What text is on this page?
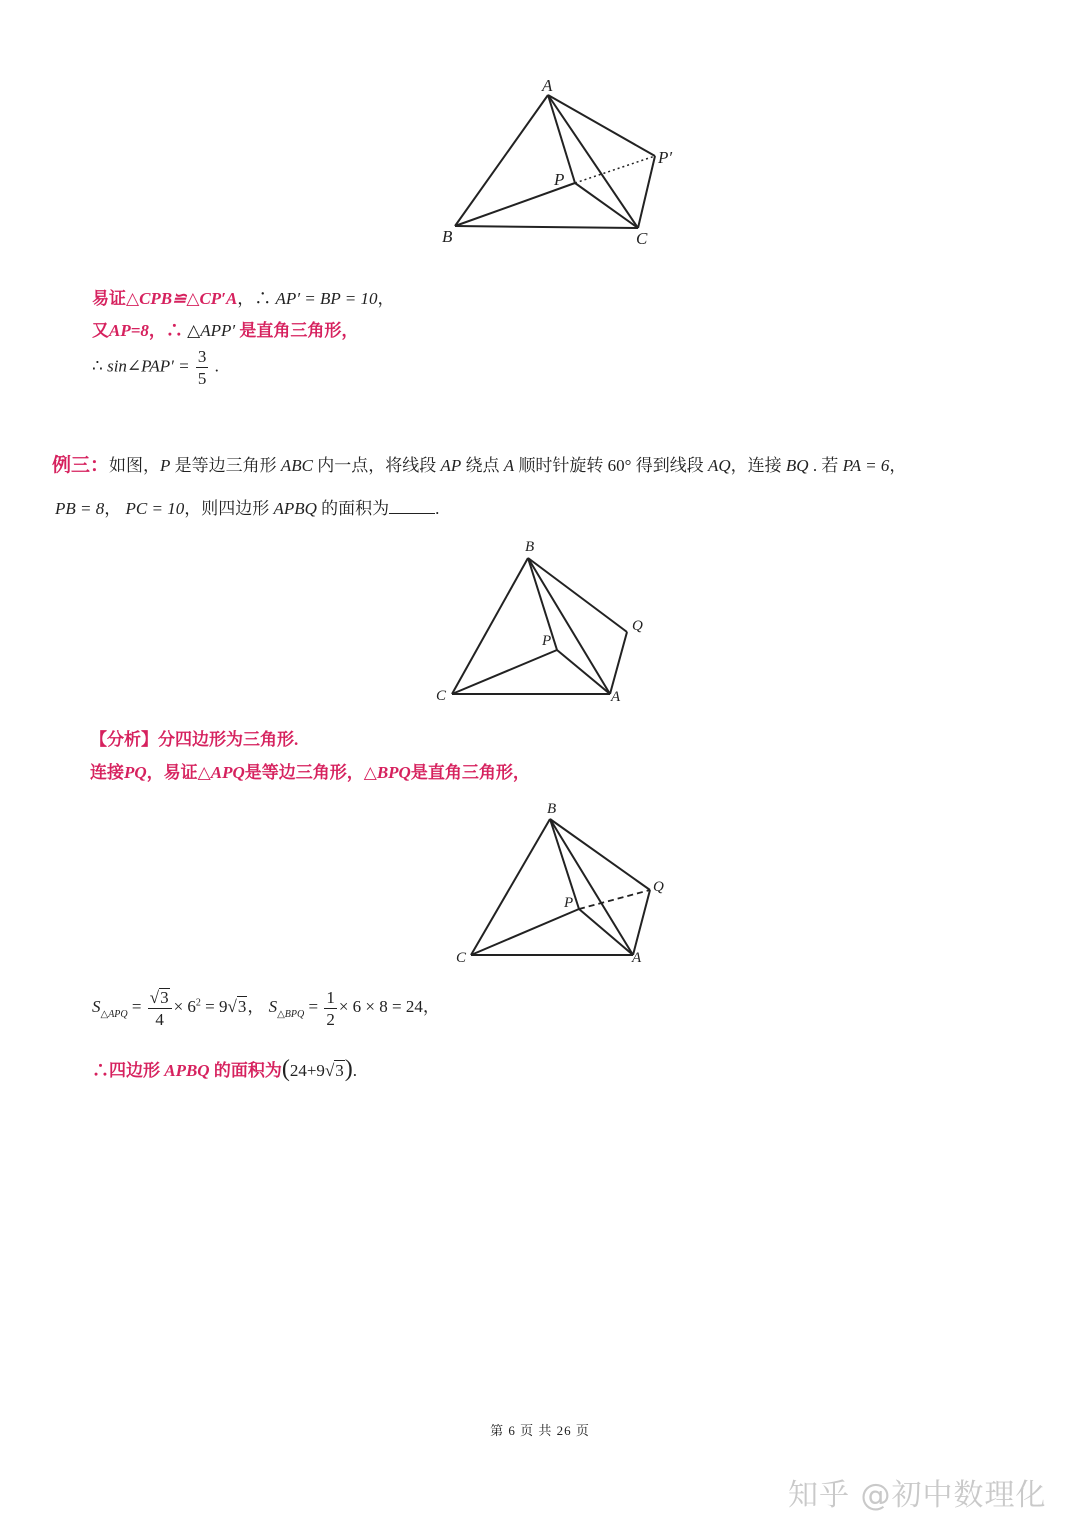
A
P
P′
B	C
易证△CPB≌△CP′A，∴ AP′ = BP = 10，
又AP=8，∴ △APP′ 是直角三角形，
∴ sin∠PAP′ = $\frac{3}{5}$ .
例三：如图，P 是等边三角形 ABC 内一点，将线段 AP 绕点 A 顺时针旋转 60° 得到线段 AQ，连接 BQ . 若 PA = 6，
PB = 8， PC = 10，则四边形 APBQ 的面积为	.
B
P
Q
C	A
【分析】分四边形为三角形.
连接PQ，易证△APQ是等边三角形，△BPQ是直角三角形，
B
P
Q
C	A
$S_{\triangle APQ} = \frac{√3}{4} \times 6^2 = 9√3$， $S_{\triangle BPQ} = \frac{1}{2} \times 6 \times 8 = 24$，
∴四边形 APBQ 的面积为(24+9√3).
第 6 页 共 26 页
知乎 @初中数理化
